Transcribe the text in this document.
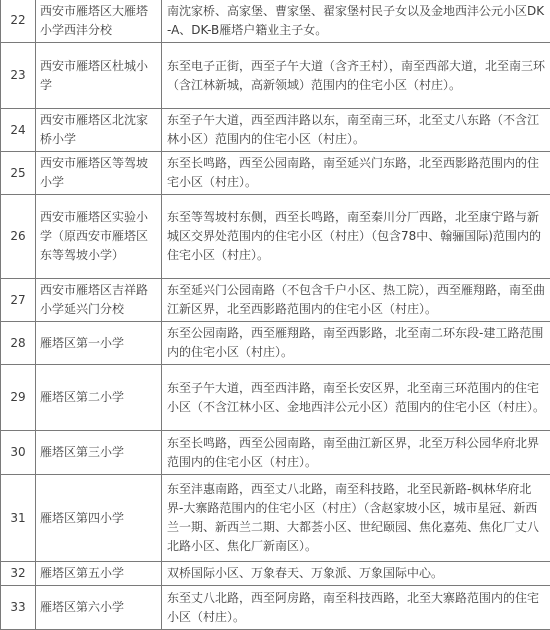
22	西安市雁塔区大雁塔小学西沣分校	南沈家桥、高家堡、曹家堡、翟家堡村民子女以及金地西沣公元小区DK-A、DK-B雁塔户籍业主子女。
23	西安市雁塔区杜城小学	东至电子正街，西至子午大道（含齐王村），南至西部大道，北至南三环（含江林新城，高新领域）范围内的住宅小区（村庄）。
24	西安市雁塔区北沈家桥小学	东至子午大道，西至西沣路以东，南至南三环，北至丈八东路（不含江林小区）范围内的住宅小区（村庄）。
25	西安市雁塔区等驾坡小学	东至长鸣路，西至公园南路，南至延兴门东路，北至西影路范围内的住宅小区（村庄）。
26	西安市雁塔区实验小学（原西安市雁塔区东等驾坡小学）	东至等驾坡村东侧，西至长鸣路，南至秦川分厂西路，北至康宁路与新城区交界处范围内的住宅小区（村庄）（包含78中、翰骊国际)范围内的住宅小区（村庄）。
27	西安市雁塔区吉祥路小学延兴门分校	东至延兴门公园南路（不包含千户小区、热工院），西至雁翔路，南至曲江新区界，北至西影路范围内的住宅小区（村庄）。
28	雁塔区第一小学	东至公园南路，西至雁翔路，南至西影路，北至南二环东段-建工路范围内的住宅小区（村庄）。
29	雁塔区第二小学	东至子午大道，西至西沣路，南至长安区界，北至南三环范围内的住宅小区（不含江林小区、金地西沣公元小区）范围内的住宅小区（村庄）。
30	雁塔区第三小学	东至长鸣路，西至公园南路，南至曲江新区界，北至万科公园华府北界范围内的住宅小区（村庄）。
31	雁塔区第四小学	东至沣惠南路，西至丈八北路，南至科技路，北至民新路-枫林华府北界-大寨路范围内的住宅小区（村庄）（含赵家坡小区，城市星冠、新西兰一期、新西兰二期、大都荟小区、世纪颐园、焦化嘉苑、焦化厂丈八北路小区、焦化厂新南区）。
32	雁塔区第五小学	双桥国际小区、万象春天、万象派、万象国际中心。
33	雁塔区第六小学	东至丈八北路，西至阿房路，南至科技西路，北至大寨路范围内的住宅小区（村庄）。
